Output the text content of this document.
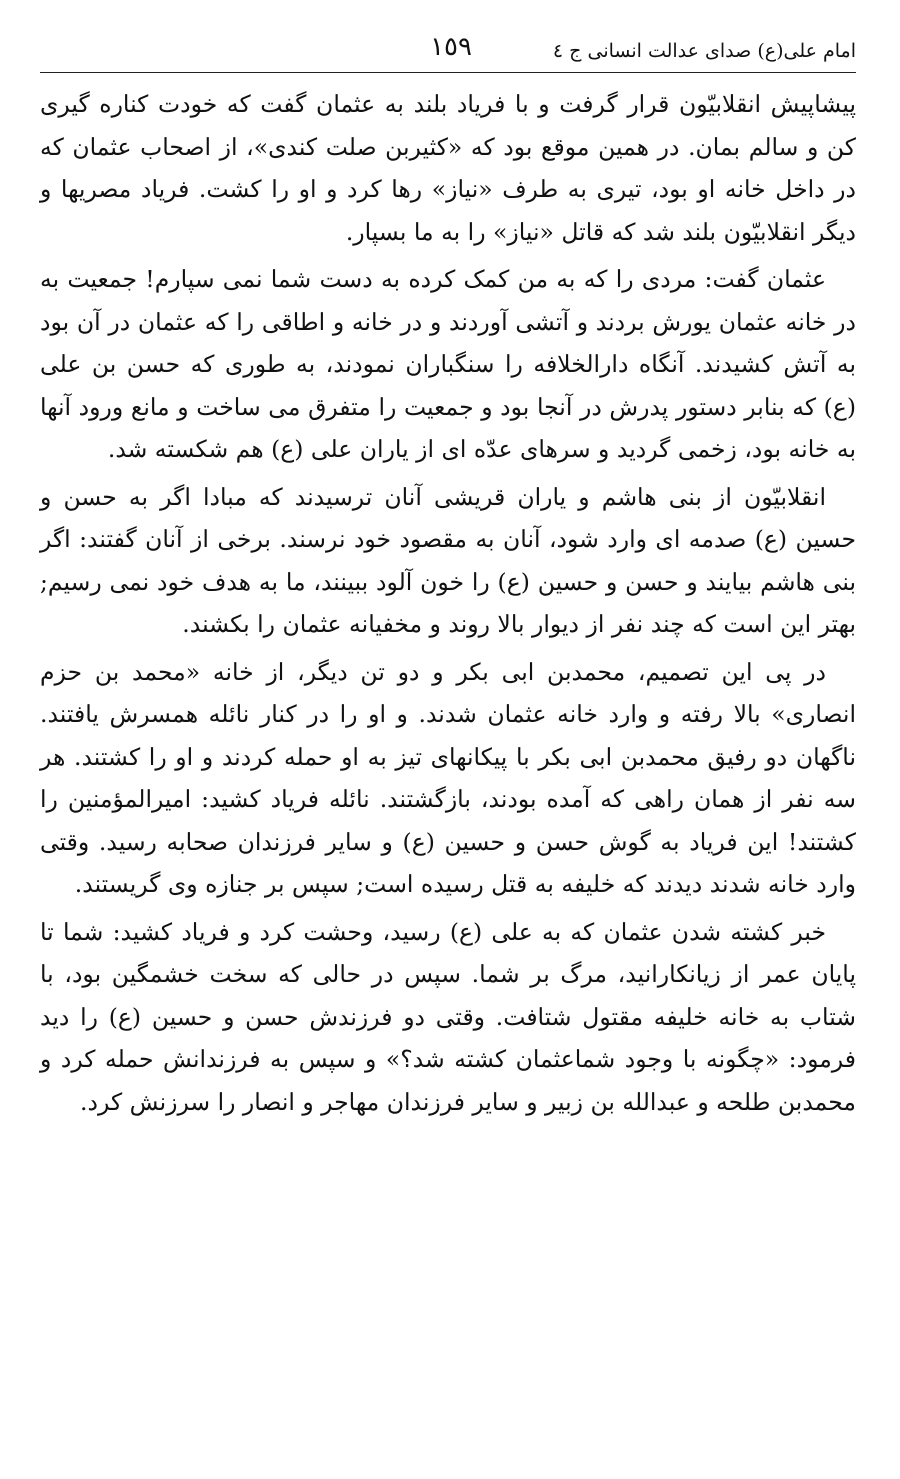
امام علی(ع) صدای عدالت انسانی ج ٤
١٥٩

پیشاپیش انقلابیّون قرار گرفت و با فریاد بلند به عثمان گفت که خودت کناره گیری کن و سالم بمان. در همین موقع بود که «کثیربن صلت کندی»، از اصحاب عثمان که در داخل خانه او بود، تیری به طرف «نیاز» رها کرد و او را کشت. فریاد مصریها و دیگر انقلابیّون بلند شد که قاتل «نیاز» را به ما بسپار.

عثمان گفت: مردی را که به من کمک کرده به دست شما نمی سپارم! جمعیت به در خانه عثمان یورش بردند و آتشی آوردند و در خانه و اطاقی را که عثمان در آن بود به آتش کشیدند. آنگاه دارالخلافه را سنگباران نمودند، به طوری که حسن بن علی (ع) که بنابر دستور پدرش در آنجا بود و جمعیت را متفرق می ساخت و مانع ورود آنها به خانه بود، زخمی گردید و سرهای عدّه ای از یاران علی (ع) هم شکسته شد.

انقلابیّون از بنی هاشم و یاران قریشی آنان ترسیدند که مبادا اگر به حسن و حسین (ع) صدمه ای وارد شود، آنان به مقصود خود نرسند. برخی از آنان گفتند: اگر بنی هاشم بیایند و حسن و حسین (ع) را خون آلود ببینند، ما به هدف خود نمی رسیم; بهتر این است که چند نفر از دیوار بالا روند و مخفیانه عثمان را بکشند.

در پی این تصمیم، محمدبن ابی بکر و دو تن دیگر، از خانه «محمد بن حزم انصاری» بالا رفته و وارد خانه عثمان شدند. و او را در کنار نائله همسرش یافتند. ناگهان دو رفیق محمدبن ابی بکر با پیکانهای تیز به او حمله کردند و او را کشتند. هر سه نفر از همان راهی که آمده بودند، بازگشتند. نائله فریاد کشید: امیرالمؤمنین را کشتند! این فریاد به گوش حسن و حسین (ع) و سایر فرزندان صحابه رسید. وقتی وارد خانه شدند دیدند که خلیفه به قتل رسیده است; سپس بر جنازه وی گریستند.

خبر کشته شدن عثمان که به علی (ع) رسید، وحشت کرد و فریاد کشید: شما تا پایان عمر از زیانکارانید، مرگ بر شما. سپس در حالی که سخت خشمگین بود، با شتاب به خانه خلیفه مقتول شتافت. وقتی دو فرزندش حسن و حسین (ع) را دید فرمود: «چگونه با وجود شماعثمان کشته شد؟» و سپس به فرزندانش حمله کرد و محمدبن طلحه و عبدالله بن زبیر و سایر فرزندان مهاجر و انصار را سرزنش کرد.
